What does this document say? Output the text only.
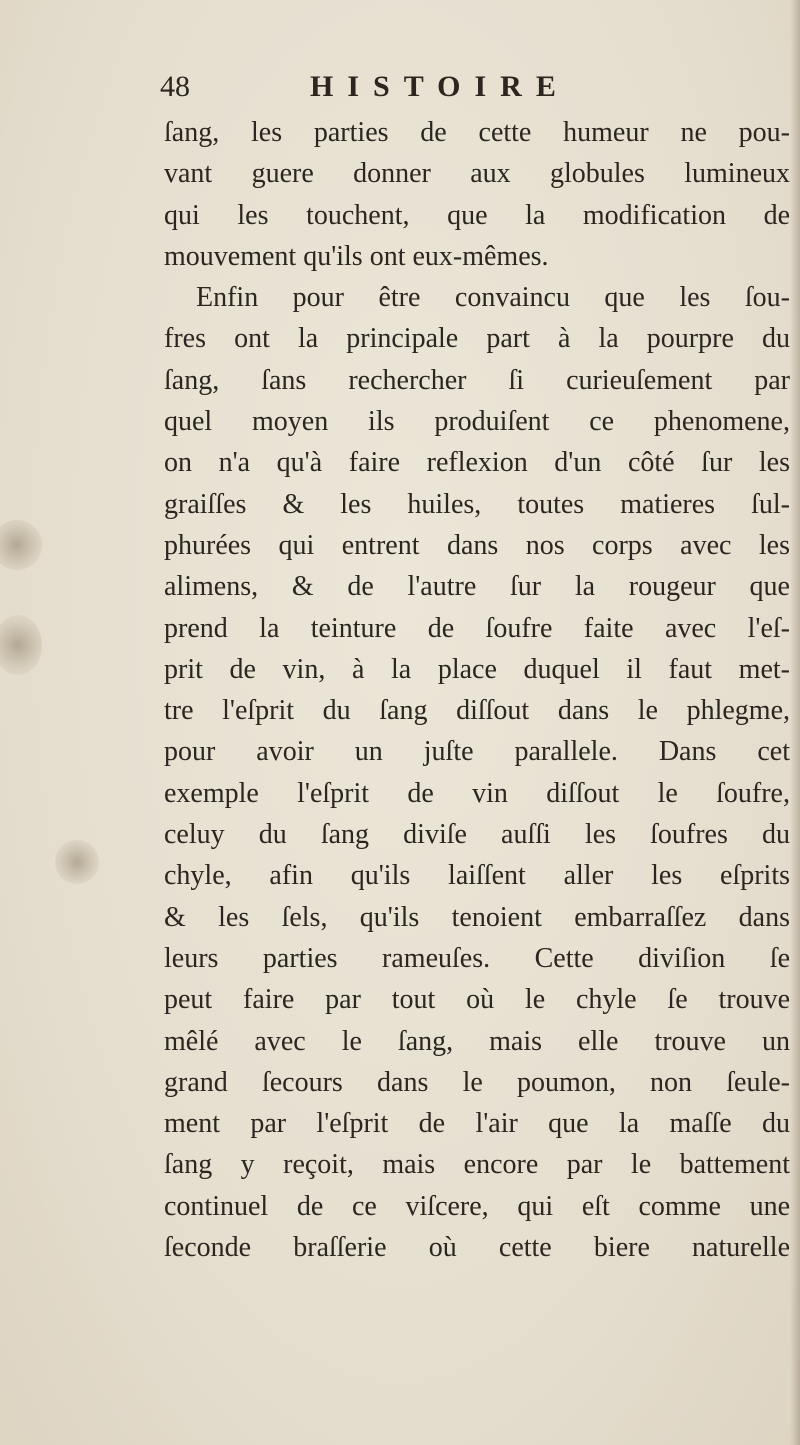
48	HISTOIRE
ſang, les parties de cette humeur ne pou-
vant guere donner aux globules lumineux
qui les touchent, que la modification de
mouvement qu'ils ont eux-mêmes.
Enfin pour être convaincu que les ſou-
fres ont la principale part à la pourpre du
ſang, ſans rechercher ſi curieuſement par
quel moyen ils produiſent ce phenomene,
on n'a qu'à faire reflexion d'un côté ſur les
graiſſes & les huiles, toutes matieres ſul-
phurées qui entrent dans nos corps avec les
alimens, & de l'autre ſur la rougeur que
prend la teinture de ſoufre faite avec l'eſ-
prit de vin, à la place duquel il faut met-
tre l'eſprit du ſang diſſout dans le phlegme,
pour avoir un juſte parallele. Dans cet
exemple l'eſprit de vin diſſout le ſoufre,
celuy du ſang diviſe auſſi les ſoufres du
chyle, afin qu'ils laiſſent aller les eſprits
& les ſels, qu'ils tenoient embarraſſez dans
leurs parties rameuſes. Cette diviſion ſe
peut faire par tout où le chyle ſe trouve
mêlé avec le ſang, mais elle trouve un
grand ſecours dans le poumon, non ſeule-
ment par l'eſprit de l'air que la maſſe du
ſang y reçoit, mais encore par le battement
continuel de ce viſcere, qui eſt comme une
ſeconde braſſerie où cette biere naturelle
